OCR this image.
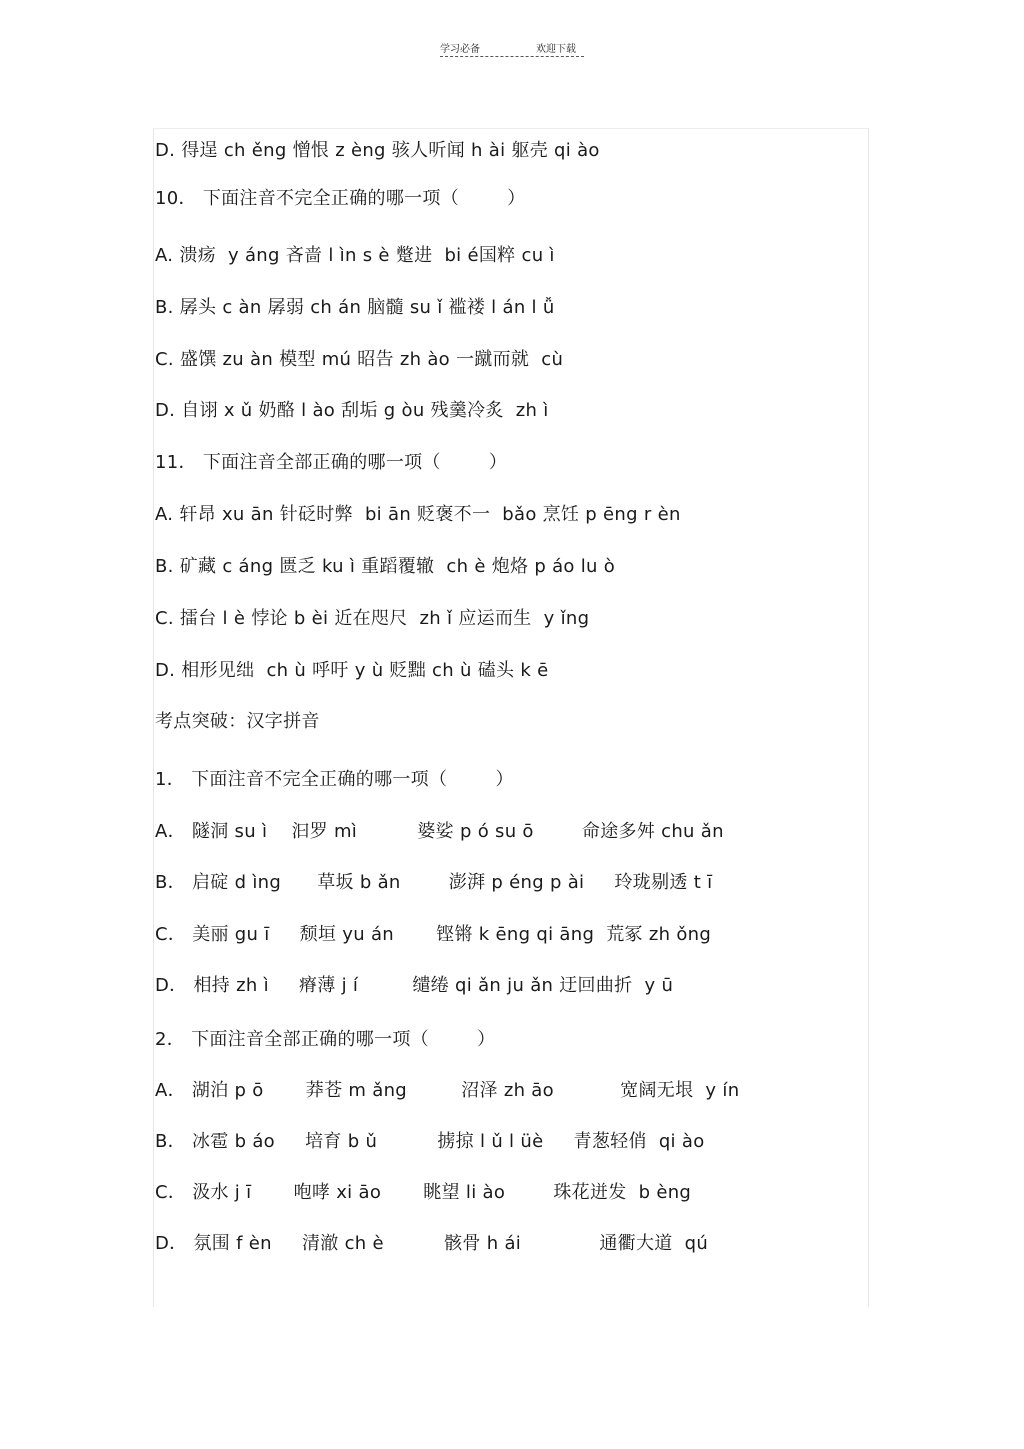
学习必备	欢迎下载
D. 得逞 ch ěng 憎恨 z èng 骇人听闻 h ài 躯壳 qi ào
10． 下面注音不完全正确的哪一项（        ）
A. 溃疡  y áng 吝啬 l ìn s è 蹩进  bi é国粹 cu ì
B. 孱头 c àn 孱弱 ch án 脑髓 su ǐ 褴褛 l án l ǚ
C. 盛馔 zu àn 模型 mú 昭告 zh ào 一蹴而就  cù
D. 自诩 x ǔ 奶酪 l ào 刮垢 g òu 残羹冷炙  zh ì
11． 下面注音全部正确的哪一项（        ）
A. 轩昂 xu ān 针砭时弊  bi ān 贬褒不一  bǎo 烹饪 p ēng r èn
B. 矿藏 c áng 匮乏 ku ì 重蹈覆辙  ch è 炮烙 p áo lu ò
C. 擂台 l è 悖论 b èi 近在咫尺  zh ǐ 应运而生  y ǐng
D. 相形见绌  ch ù 呼吁 y ù 贬黜 ch ù 磕头 k ē
考点突破：汉字拼音
1． 下面注音不完全正确的哪一项（        ）
A． 隧洞 su ì    汩罗 mì          婆娑 p ó su ō        命途多舛 chu ǎn
B． 启碇 d ìng      草坂 b ǎn        澎湃 p éng p ài     玲珑剔透 t ī
C． 美丽 gu ī     颓垣 yu án       铿锵 k ēng qi āng  荒冢 zh ǒng
D． 相持 zh ì     瘠薄 j í         缱绻 qi ǎn ju ǎn 迂回曲折  y ū
2． 下面注音全部正确的哪一项（        ）
A． 湖泊 p ō       莽苍 m ǎng         沼泽 zh āo           宽阔无垠  y ín
B． 冰雹 b áo     培育 b ǔ          掳掠 l ǔ l üè     青葱轻俏  qi ào
C． 汲水 j ī       咆哮 xi āo       眺望 li ào        珠花迸发  b èng
D． 氛围 f èn     清澈 ch è          骸骨 h ái             通衢大道  qú
